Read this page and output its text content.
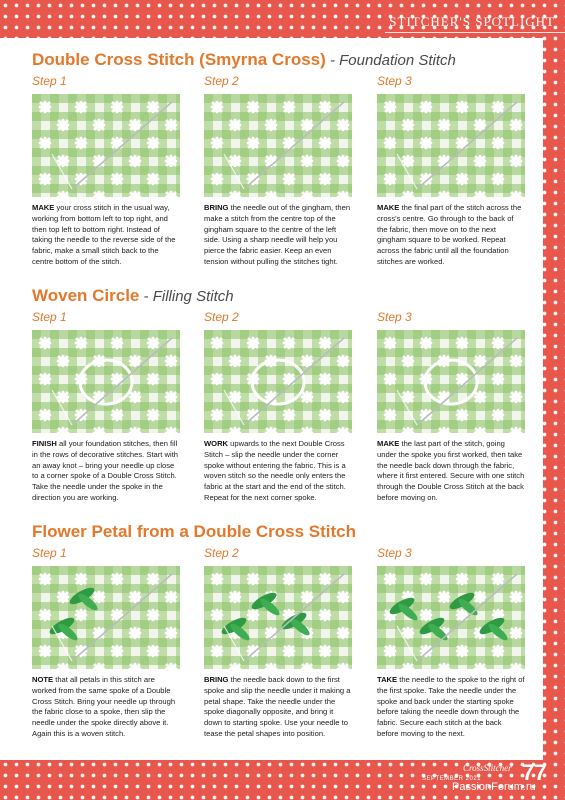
STITCHER'S SPOTLIGHT
Double Cross Stitch (Smyrna Cross) - Foundation Stitch
Step 1
MAKE your cross stitch in the usual way, working from bottom left to top right, and then top left to bottom right. Instead of taking the needle to the reverse side of the fabric, make a small stitch back to the centre bottom of the stitch.
Step 2
BRING the needle out of the gingham, then make a stitch from the centre top of the gingham square to the centre of the left side. Using a sharp needle will help you pierce the fabric easier. Keep an even tension without pulling the stitches tight.
Step 3
MAKE the final part of the stitch across the cross's centre. Go through to the back of the fabric, then move on to the next gingham square to be worked. Repeat across the fabric until all the foundation stitches are worked.
Woven Circle - Filling Stitch
Step 1
FINISH all your foundation stitches, then fill in the rows of decorative stitches. Start with an away knot – bring your needle up close to a corner spoke of a Double Cross Stitch. Take the needle under the spoke in the direction you are working.
Step 2
WORK upwards to the next Double Cross Stitch – slip the needle under the corner spoke without entering the fabric. This is a woven stitch so the needle only enters the fabric at the start and the end of the stitch. Repeat for the next corner spoke.
Step 3
MAKE the last part of the stitch, going under the spoke you first worked, then take the needle back down through the fabric, where it first entered. Secure with one stitch through the Double Cross Stitch at the back before moving on.
Flower Petal from a Double Cross Stitch
Step 1
NOTE that all petals in this stitch are worked from the same spoke of a Double Cross Stitch. Bring your needle up through the fabric close to a spoke, then slip the needle under the spoke directly above it. Again this is a woven stitch.
Step 2
BRING the needle back down to the first spoke and slip the needle under it making a petal shape. Take the needle under the spoke diagonally opposite, and bring it down to starting spoke. Use your needle to tease the petal shapes into position.
Step 3
TAKE the needle to the spoke to the right of the first spoke. Take the needle under the spoke and back under the starting spoke before taking the needle down through the fabric. Secure each stitch at the back before moving to the next.
CrossStitcher
SEPTEMBER 2021 77
PassionForum.ru
